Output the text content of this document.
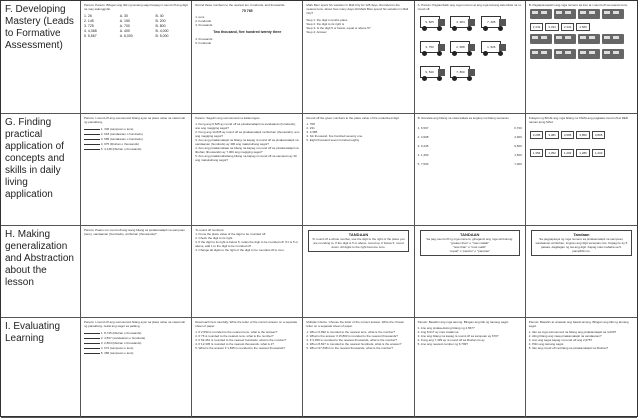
F. Developing Mastery (Leads to Formative Assessment)
Panuto: Panuto: Bilugan ang titik ng tamang sagot kapag ni-round off ang digit na may salungguhit.
1. 26	A. 30	B. 40
2. 145	A. 150	B. 200
3. 725	A. 700	B. 800
4. 4,368	A. 400	B. 4,000
5. 5,567	A. 6,000	B. 5,000
Round these numbers to the nearest ten, hundreds, and thousands.
75 765
1. tens
2. hundreds
3. thousands
Two thousand, five hundred twenty three
4. thousands
5. hundreds
Mark Bien spent his vacation in Mall City for 125 days. Rounded to the nearest tens, about how many days did Mark Bien spend his vacation in Mall City?
Step 1: the digit in tenths place
Step 2: the digit to its right is
Step 3: Is the digit 5 or below, equal or above 5?
Step 4: Answer
A. Panuto: Pagtambalin ang mga numero at ang mga tamang katumbas na ni-round off.
5, 825
	4, 984
	7, 405

3, 750
	2, 688
	1, 526

9, 540
	7, 800
B. Pagtapat-tapatin ang mga numero sa tren at i-round off sa nearest tens.
2,349	3,333	2,333	4,589
G. Finding practical application of concepts and skills in daily living application
Panuto: I-round off ang sumusunod bilang ayon sa place value na nasa loob ng panaklong.
1. 345 (sampuan o tens)
2. 618 (sandaanan o hundreds)
3. 589 (sandaanan o hundreds)
4. 975 (libuhan o thousands)
5. 4,148 (libuhan o thousands)
Panuto: Sagutin ang sumusunod na katanungan.
1. Kung ang 9,525 ay round off sa pinakamalapit na sandaanan (hundreds), ano ang magiging sagot?
2. Kung ang 14,845 ay round off sa pinakamalapit na libuhan (thousands), ano ang magiging sagot?
3. Ano ang pinakamalapit na bilang na kapag ni-round off sa pinakamalapit na sandaanan (hundreds) ay 400 ang makukuhang sagot?
4. Ano ang pinakamataas na bilang na kapag ni-round off sa pinakamalapit na libuhan (thousands) ay 7,000 ang magiging sagot?
5. Ano ang pinakamababang bilang na kapag ni-round off sa sampuan ay 30 ang makukuhang sagot?
Round off the given numbers to the place value of the underlined digit.
1. 768
2. 231
3. 3,385
4. Six thousand, five hundred seventy one
5. Eight thousand seven hundred eighty
B. Ikonekta ang bilang na nasa kaliwa sa angkop na bilang sa kanan.
1. 6,597
2. 4,908
3. 9,445
4. 1,450
5. 7,500
6,700
4,900
9,500
1,500
7,000
Kulayan ng BLUE ang mga bilang na TAMA ang pagkaka-round off at RED naman kung MALI.
3,295	3,381	3,695	3,850	3,805
1,356	1,352	1,203	1,286	1,233
H. Making generalization and Abstraction about the lesson
Panuto: Paano mo round off ang isang bilang sa pinakamalapit na sampuan (tens), sandaanan (hundreds), at libuhan (thousands)?
To round off numbers:
1. Know the place value of the digit to be rounded off.
2. Check the digit to its right.
3. If the digit to its right is below 5, retain the digit to be rounded off. If it is 5 or above, add 1 to the digit to be rounded off.
4. Change all digits to the right of the digit to be rounded off to zero.
TANDAAN
To round off a whole number, use the digit to the right of the place you are rounding to. If the digit is 5 or above, round up. If below 5, round down. All digits to the right become zero.
TANDAAN
Sa pag-round off ng mga numero, ginagamit ang mga simbolong:
"greater than" o "mas malaki"
"less than" o "mas maliit"
"equal" o "pareho" o "parehas"
Tandaan
Sa pagpapasya ng mga numero sa pinakamalapit na sampuan, sandaanan at libuhan, tingnan ang digit sa kanan nito. Kapag ito ay 5 pataas, dagdagan ng isa ang digit. Kapag mas mababa sa 5, panatilihin ito.
I. Evaluating Learning
Panuto: I-round off ang sumusunod bilang ayon sa place value na nasa loob ng panaklong. Isulat ang sagot sa patlang.
1. 8,745 (libuhan o thousands)
2. 4,567 (sandaanan o hundreds)
3. 2,804 (libuhan o thousands)
4. 672 (sampuan o tens)
5. 386 (sampuan o tens)
Read each item carefully. Write the letter of the correct answer on a separate sheet of paper.
1. If 2,593 is rounded to the nearest tens, what is the answer?
2. If 76 is rounded to the nearest tens, what is the number?
3. If 92,461 is rounded to the nearest hundreds, what is the number?
4. If 12,345 is rounded to the nearest thousands, what is it?
5. What is the answer if 1,835 is rounded to the nearest thousands?
Multiple Choice. Choose the letter of the correct answer. Write the chosen letter on a separate sheet of paper.
1. When 6,892 is rounded to the nearest tens, what is the number?
2. What is the answer if 15,803 is rounded to the nearest thousands?
3. If 3,339 is rounded to the nearest thousands, what is the number?
4. When 8,827 is rounded to the nearest hundreds, what is the answer?
5. When 97,548 is to the nearest thousands, what is the number?
Panuto: Basahin ang mga tanong. Bilugan ang titik ng tamang sagot.
1. Ano ang pinaka-dulong bilang ng 4,567?
2. Ang 8,917 ay mas malaki sa
3. Ano ang bilang na kapag ni-round off sa sampuan ay 670?
4. Kung ang 7,499 ay ni-round off sa libuhan ito ay
5. Ano ang nearest number ng 6,799?
Panuto: Basahin at unawain ang bawat tanong. Bilugan ang titik ng tamang sagot.
1. Ilan sa mga sumusunod na bilang ang pinakamalapit sa 4,000?
2. Aling bilang ang nasa pinakamalapit na sandaanan?
3. Ano ang sagot kapag ni-round off ang 2,675?
4. Piliin ang tamang sagot
5. Ilan ang round off na bilang sa pinakamalapit na libuhan?
